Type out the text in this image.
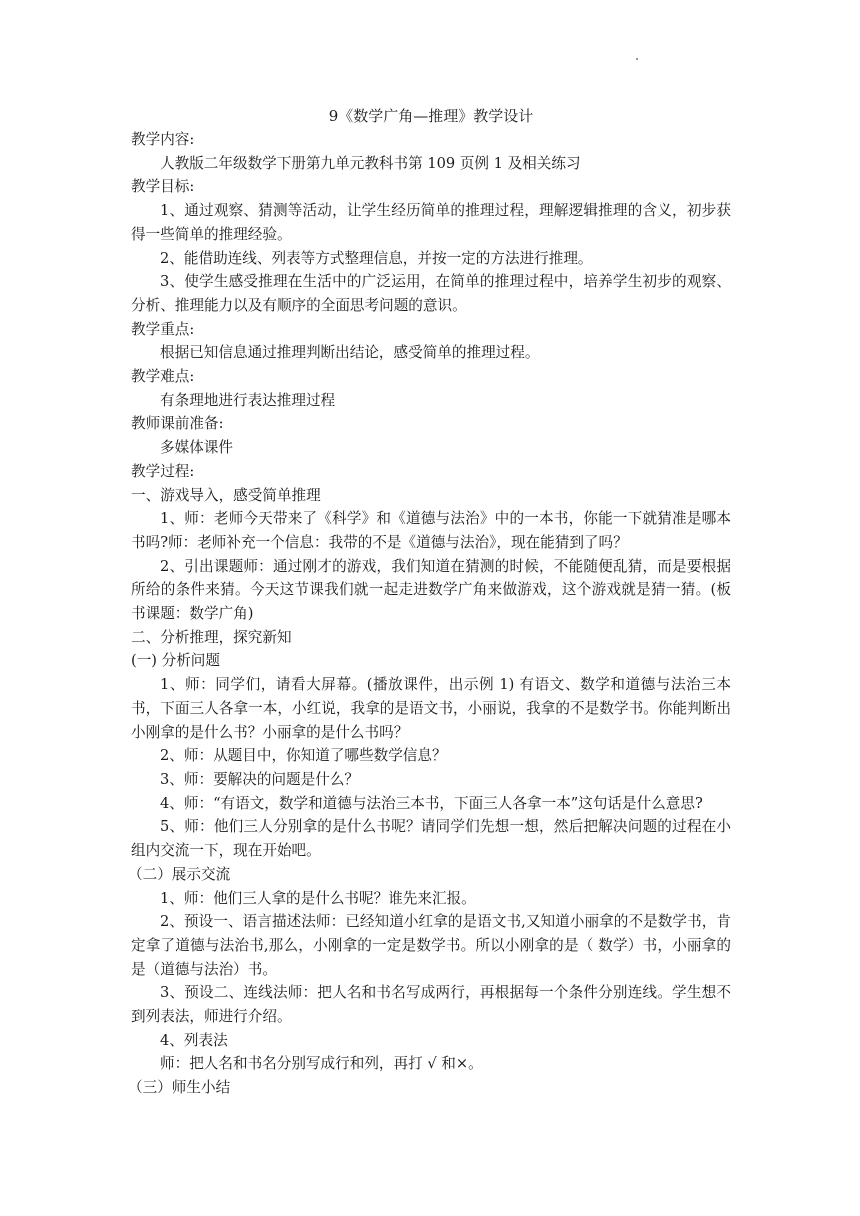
9《数学广角—推理》教学设计
教学内容:
人教版二年级数学下册第九单元教科书第 109 页例 1 及相关练习
教学目标:
1、通过观察、猜测等活动，让学生经历简单的推理过程，理解逻辑推理的含义，初步获得一些简单的推理经验。
2、能借助连线、列表等方式整理信息，并按一定的方法进行推理。
3、使学生感受推理在生活中的广泛运用，在简单的推理过程中，培养学生初步的观察、分析、推理能力以及有顺序的全面思考问题的意识。
教学重点:
根据已知信息通过推理判断出结论，感受简单的推理过程。
教学难点:
有条理地进行表达推理过程
教师课前准备:
多媒体课件
教学过程:
一、游戏导入，感受简单推理
1、师：老师今天带来了《科学》和《道德与法治》中的一本书，你能一下就猜准是哪本书吗?师：老师补充一个信息：我带的不是《道德与法治》，现在能猜到了吗？
2、引出课题师：通过刚才的游戏，我们知道在猜测的时候，不能随便乱猜，而是要根据所给的条件来猜。今天这节课我们就一起走进数学广角来做游戏，这个游戏就是猜一猜。(板书课题：数学广角)
二、分析推理，探究新知
(一) 分析问题
1、师：同学们，请看大屏幕。(播放课件，出示例 1) 有语文、数学和道德与法治三本书，下面三人各拿一本，小红说，我拿的是语文书，小丽说，我拿的不是数学书。你能判断出小刚拿的是什么书？小丽拿的是什么书吗？
2、师：从题目中，你知道了哪些数学信息？
3、师：要解决的问题是什么？
4、师：“有语文，数学和道德与法治三本书，下面三人各拿一本”这句话是什么意思?
5、师：他们三人分别拿的是什么书呢？请同学们先想一想，然后把解决问题的过程在小组内交流一下，现在开始吧。
（二）展示交流
1、师：他们三人拿的是什么书呢？谁先来汇报。
2、预设一、语言描述法师：已经知道小红拿的是语文书,又知道小丽拿的不是数学书，肯定拿了道德与法治书,那么，小刚拿的一定是数学书。所以小刚拿的是（ 数学）书，小丽拿的是（道德与法治）书。
3、预设二、连线法师：把人名和书名写成两行，再根据每一个条件分别连线。学生想不到列表法，师进行介绍。
4、列表法
师：把人名和书名分别写成行和列，再打 √ 和×。
（三）师生小结
